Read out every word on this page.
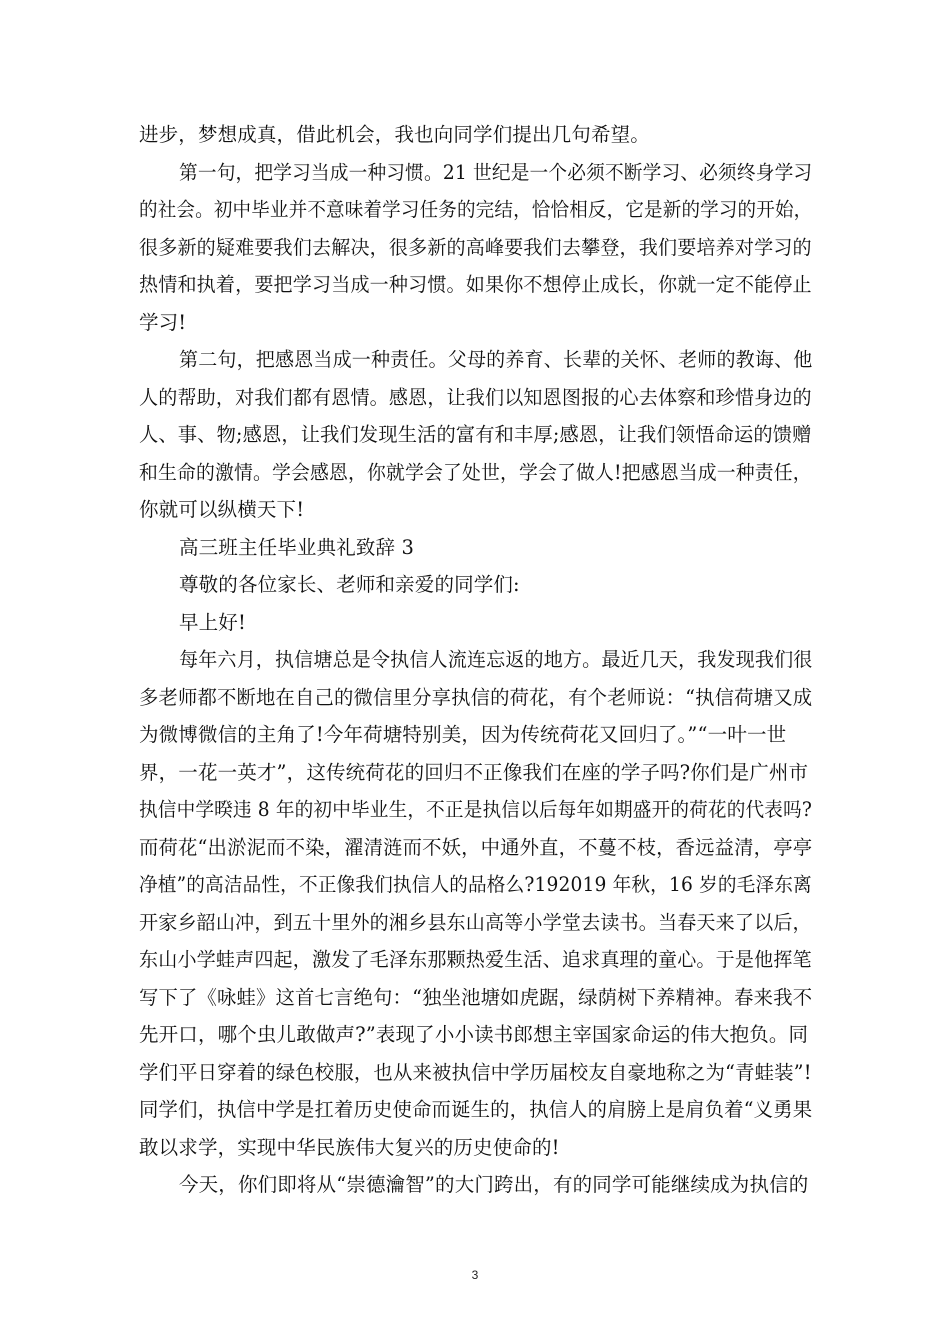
进步，梦想成真，借此机会，我也向同学们提出几句希望。
第一句，把学习当成一种习惯。21 世纪是一个必须不断学习、必须终身学习
的社会。初中毕业并不意味着学习任务的完结，恰恰相反，它是新的学习的开始，
很多新的疑难要我们去解决，很多新的高峰要我们去攀登，我们要培养对学习的
热情和执着，要把学习当成一种习惯。如果你不想停止成长，你就一定不能停止
学习!
第二句，把感恩当成一种责任。父母的养育、长辈的关怀、老师的教诲、他
人的帮助，对我们都有恩情。感恩，让我们以知恩图报的心去体察和珍惜身边的
人、事、物;感恩，让我们发现生活的富有和丰厚;感恩，让我们领悟命运的馈赠
和生命的激情。学会感恩，你就学会了处世，学会了做人!把感恩当成一种责任，
你就可以纵横天下!
高三班主任毕业典礼致辞 3
尊敬的各位家长、老师和亲爱的同学们:
早上好!
每年六月，执信塘总是令执信人流连忘返的地方。最近几天，我发现我们很
多老师都不断地在自己的微信里分享执信的荷花，有个老师说：“执信荷塘又成
为微博微信的主角了!今年荷塘特别美，因为传统荷花又回归了。”“一叶一世
界，一花一英才”，这传统荷花的回归不正像我们在座的学子吗?你们是广州市
执信中学暌违 8 年的初中毕业生，不正是执信以后每年如期盛开的荷花的代表吗?
而荷花“出淤泥而不染，濯清涟而不妖，中通外直，不蔓不枝，香远益清，亭亭
净植”的高洁品性，不正像我们执信人的品格么?192019 年秋，16 岁的毛泽东离
开家乡韶山冲，到五十里外的湘乡县东山高等小学堂去读书。当春天来了以后，
东山小学蛙声四起，激发了毛泽东那颗热爱生活、追求真理的童心。于是他挥笔
写下了《咏蛙》这首七言绝句：“独坐池塘如虎踞，绿荫树下养精神。春来我不
先开口，哪个虫儿敢做声?”表现了小小读书郎想主宰国家命运的伟大抱负。同
学们平日穿着的绿色校服，也从来被执信中学历届校友自豪地称之为“青蛙装”!
同学们，执信中学是扛着历史使命而诞生的，执信人的肩膀上是肩负着“义勇果
敢以求学，实现中华民族伟大复兴的历史使命的!
今天，你们即将从“崇德瀹智”的大门跨出，有的同学可能继续成为执信的
3
